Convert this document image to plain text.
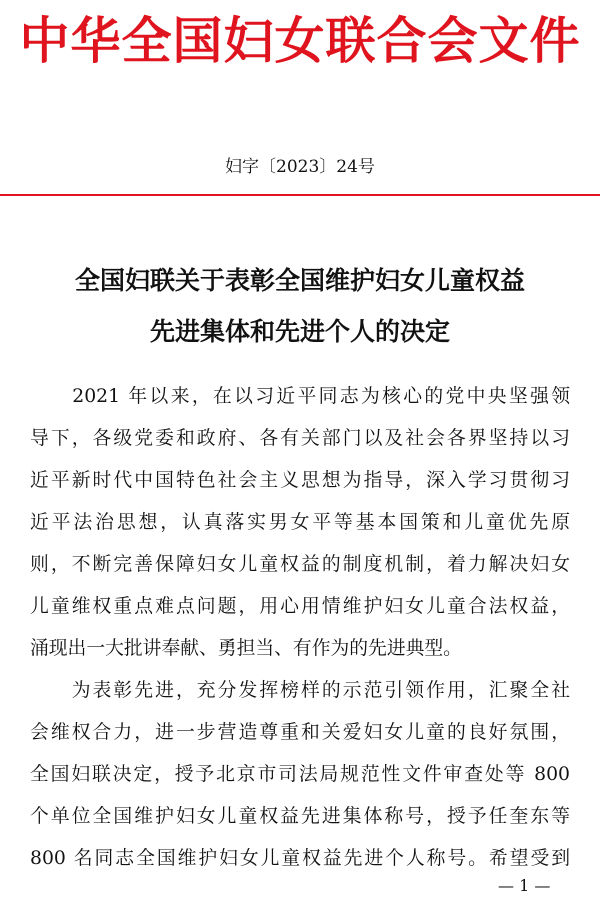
中华全国妇女联合会文件
妇字〔2023〕24号
全国妇联关于表彰全国维护妇女儿童权益
先进集体和先进个人的决定
　　2021 年以来，在以习近平同志为核心的党中央坚强领
导下，各级党委和政府、各有关部门以及社会各界坚持以习
近平新时代中国特色社会主义思想为指导，深入学习贯彻习
近平法治思想，认真落实男女平等基本国策和儿童优先原
则，不断完善保障妇女儿童权益的制度机制，着力解决妇女
儿童维权重点难点问题，用心用情维护妇女儿童合法权益，
涌现出一大批讲奉献、勇担当、有作为的先进典型。
　　为表彰先进，充分发挥榜样的示范引领作用，汇聚全社
会维权合力，进一步营造尊重和关爱妇女儿童的良好氛围，
全国妇联决定，授予北京市司法局规范性文件审查处等 800
个单位全国维护妇女儿童权益先进集体称号，授予任奎东等
800 名同志全国维护妇女儿童权益先进个人称号。希望受到
— 1 —
